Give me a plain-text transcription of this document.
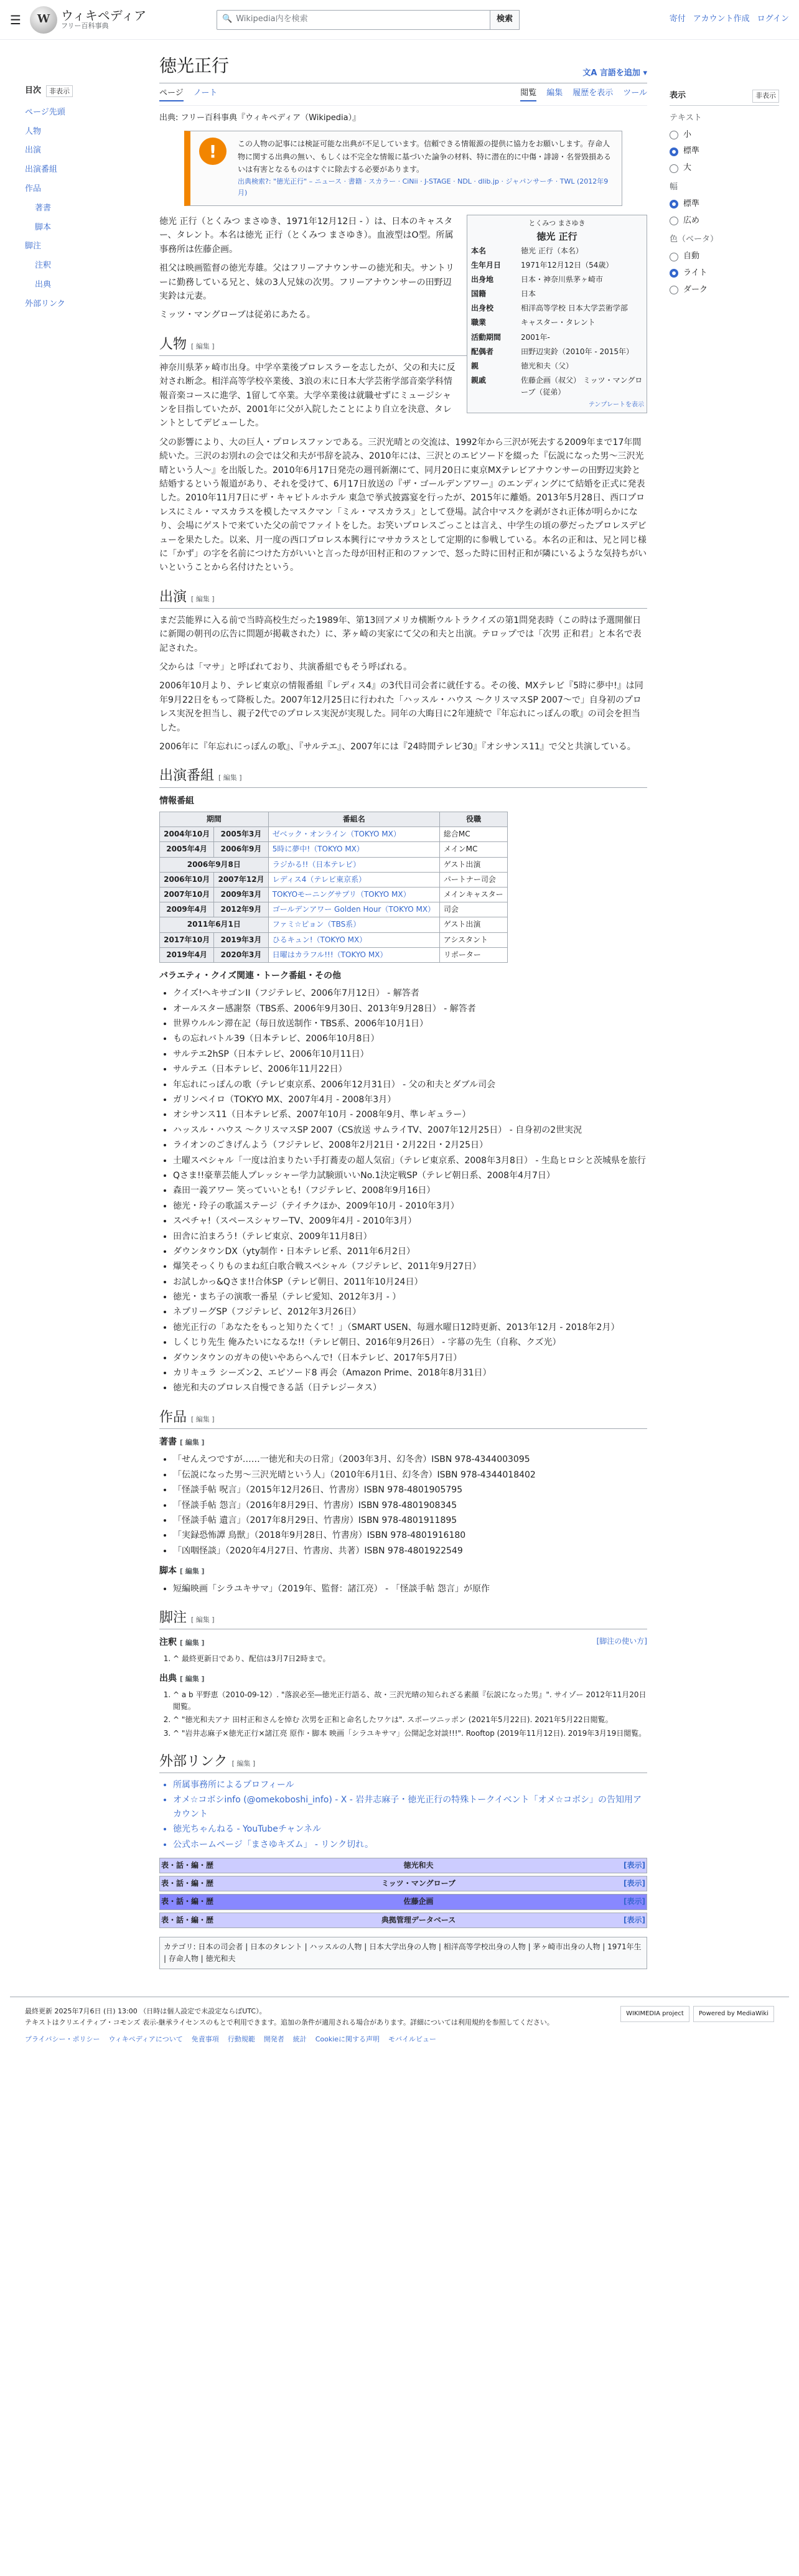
☰	W ウィキペディア
フリー百科事典
🔍 Wikipedia内を検索	検索	寄付 アカウント作成 ログイン
目次	非表示
ページ先頭
人物
出演
出演番組
作品
著書
脚本
脚注
注釈
出典
外部リンク
徳光正行	文A 言語を追加 ▾
ページ ノート	閲覧 編集 履歴を表示 ツール
出典: フリー百科事典『ウィキペディア（Wikipedia）』
!	この人物の記事には検証可能な出典が不足しています。信頼できる情報源の提供に協力をお願いします。存命人物に関する出典の無い、もしくは不完全な情報に基づいた論争の材料、特に潜在的に中傷・誹謗・名誉毀損あるいは有害となるものはすぐに除去する必要があります。
出典検索?: "徳光正行" – ニュース · 書籍 · スカラー · CiNii · J-STAGE · NDL · dlib.jp · ジャパンサーチ · TWL (2012年9月)
とくみつ まさゆき
徳光 正行
本名	徳光 正行（本名）
生年月日	1971年12月12日（54歳）
出身地	日本・神奈川県茅ヶ崎市
国籍	日本
出身校	相洋高等学校 日本大学芸術学部
職業	キャスター・タレント
活動期間	2001年-
配偶者	田野辺実鈴（2010年 - 2015年）
親	徳光和夫（父）
親戚	佐藤企画（叔父） ミッツ・マングローブ（従弟）
テンプレートを表示

徳光 正行（とくみつ まさゆき、1971年12月12日 - ）は、日本のキャスター、タレント。本名は徳光 正行（とくみつ まさゆき）。血液型はO型。所属事務所は佐藤企画。

祖父は映画監督の徳光寿雄。父はフリーアナウンサーの徳光和夫。サントリーに勤務している兄と、妹の3人兄妹の次男。フリーアナウンサーの田野辺実鈴は元妻。

ミッツ・マングローブは従弟にあたる。

人物 [ 編集 ]

神奈川県茅ヶ崎市出身。中学卒業後プロレスラーを志したが、父の和夫に反対され断念。相洋高等学校卒業後、3浪の末に日本大学芸術学部音楽学科情報音楽コースに進学、1留して卒業。大学卒業後は就職せずにミュージシャンを目指していたが、2001年に父が入院したことにより自立を決意、タレントとしてデビューした。

父の影響により、大の巨人・プロレスファンである。三沢光晴との交流は、1992年から三沢が死去する2009年まで17年間続いた。三沢のお別れの会では父和夫が弔辞を読み、2010年には、三沢とのエピソードを綴った『伝説になった男～三沢光晴という人～』を出版した。2010年6月17日発売の週刊新潮にて、同月20日に東京MXテレビアナウンサーの田野辺実鈴と結婚するという報道があり、それを受けて、6月17日放送の『ザ・ゴールデンアワー』のエンディングにて結婚を正式に発表した。2010年11月7日にザ・キャピトルホテル 東急で挙式披露宴を行ったが、2015年に離婚。2013年5月28日、西口プロレスにミル・マスカラスを模したマスクマン「ミル・マスカラス」として登場。試合中マスクを剥がされ正体が明らかになり、会場にゲストで来ていた父の前でファイトをした。お笑いプロレスごっことは言え、中学生の頃の夢だったプロレスデビューを果たした。以来、月一度の西口プロレス本興行にマサカラスとして定期的に参戦している。本名の正和は、兄と同じ様に「かず」の字を名前につけた方がいいと言った母が田村正和のファンで、怒った時に田村正和が隣にいるような気持ちがいいということから名付けたという。

出演 [ 編集 ]

まだ芸能界に入る前で当時高校生だった1989年、第13回アメリカ横断ウルトラクイズの第1問発表時（この時は予選開催日に新聞の朝刊の広告に問題が掲載された）に、茅ヶ崎の実家にて父の和夫と出演。テロップでは「次男 正和君」と本名で表記された。

父からは「マサ」と呼ばれており、共演番組でもそう呼ばれる。

2006年10月より、テレビ東京の情報番組『レディス4』の3代目司会者に就任する。その後、MXテレビ『5時に夢中!』は同年9月22日をもって降板した。2007年12月25日に行われた「ハッスル・ハウス ～クリスマスSP 2007～で」自身初のプロレス実況を担当し、親子2代でのプロレス実況が実現した。同年の大晦日に2年連続で『年忘れにっぽんの歌』の司会を担当した。

2006年に『年忘れにっぽんの歌』、『サルテエ』、2007年には『24時間テレビ30』『オシサンス11』で父と共演している。

出演番組 [ 編集 ]
情報番組
期間		番組名	役職
2004年10月	2005年3月	ゼベック・オンライン（TOKYO MX）	総合MC
2005年4月	2006年9月	5時に夢中!（TOKYO MX）	メインMC
2006年9月8日		ラジかる!!（日本テレビ）	ゲスト出演
2006年10月	2007年12月	レディス4（テレビ東京系）	パートナー司会
2007年10月	2009年3月	TOKYOモーニングサプリ（TOKYO MX）	メインキャスター
2009年4月	2012年9月	ゴールデンアワー Golden Hour（TOKYO MX）	司会
2011年6月1日		ファミ☆ピョン（TBS系）	ゲスト出演
2017年10月	2019年3月	ひるキュン!（TOKYO MX）	アシスタント
2019年4月	2020年3月	日曜はカラフル!!!（TOKYO MX）	リポーター
バラエティ・クイズ関連・トーク番組・その他
• クイズ!ヘキサゴンII（フジテレビ、2006年7月12日） - 解答者
• オールスター感謝祭（TBS系、2006年9月30日、2013年9月28日） - 解答者
• 世界ウルルン滞在記（毎日放送制作・TBS系、2006年10月1日）
• もの忘れバトル39（日本テレビ、2006年10月8日）
• サルテエ2hSP（日本テレビ、2006年10月11日）
• サルテエ（日本テレビ、2006年11月22日）
• 年忘れにっぽんの歌（テレビ東京系、2006年12月31日） - 父の和夫とダブル司会
• ガリンペイロ（TOKYO MX、2007年4月 - 2008年3月）
• オシサンス11（日本テレビ系、2007年10月 - 2008年9月、準レギュラー）
• ハッスル・ハウス ～クリスマスSP 2007（CS放送 サムライTV、2007年12月25日） - 自身初の2世実況
• ライオンのごきげんよう（フジテレビ、2008年2月21日・2月22日・2月25日）
• 土曜スペシャル「一度は泊まりたい手打蕎麦の超人気宿」（テレビ東京系、2008年3月8日） - 生島ヒロシと茨城県を旅行
• Qさま!!豪華芸能人プレッシャー学力試験頭いいNo.1決定戦SP（テレビ朝日系、2008年4月7日）
• 森田一義アワー 笑っていいとも!（フジテレビ、2008年9月16日）
• 徳光・玲子の歌謡ステージ（テイチクほか、2009年10月 - 2010年3月）
• スペチャ!（スペースシャワーTV、2009年4月 - 2010年3月）
• 田舎に泊まろう!（テレビ東京、2009年11月8日）
• ダウンタウンDX（yty制作・日本テレビ系、2011年6月2日）
• 爆笑そっくりものまね紅白歌合戦スペシャル（フジテレビ、2011年9月27日）
• お試しかっ&Qさま!!合体SP（テレビ朝日、2011年10月24日）
• 徳光・まち子の演歌一番星（テレビ愛知、2012年3月 - ）
• ネプリーグSP（フジテレビ、2012年3月26日）
• 徳光正行の「あなたをもっと知りたくて！」（SMART USEN、毎週水曜日12時更新、2013年12月 - 2018年2月）
• しくじり先生 俺みたいになるな!!（テレビ朝日、2016年9月26日） - 字幕の先生（自称、クズ光）
• ダウンタウンのガキの使いやあらへんで!（日本テレビ、2017年5月7日）
• カリキュラ シーズン2、エピソード8 再会（Amazon Prime、2018年8月31日）
• 徳光和夫のプロレス自慢できる話（日テレジータス）
作品 [ 編集 ]
著書 [ 編集 ]
• 「せんえつですが……一徳光和夫の日常」（2003年3月、幻冬舎）ISBN 978-4344003095
• 「伝説になった男～三沢光晴という人」（2010年6月1日、幻冬舎）ISBN 978-4344018402
• 「怪談手帖 呪言」（2015年12月26日、竹書房）ISBN 978-4801905795
• 「怪談手帖 怨言」（2016年8月29日、竹書房）ISBN 978-4801908345
• 「怪談手帖 遺言」（2017年8月29日、竹書房）ISBN 978-4801911895
• 「実録恐怖譚 鳥獣」（2018年9月28日、竹書房）ISBN 978-4801916180
• 「凶咽怪談」（2020年4月27日、竹書房、共著）ISBN 978-4801922549
脚本 [ 編集 ]
• 短編映画「シラユキサマ」（2019年、監督：諸江亮） - 「怪談手帖 怨言」が原作
脚注 [ 編集 ]
注釈 [ 編集 ]	[脚注の使い方]
1. ^ 最終更新日であり、配信は3月7日2時まで。
出典 [ 編集 ]
1. ^ a b 平野恵（2010-09-12）. "落涙必至―徳光正行語る、故・三沢光晴の知られざる素顔『伝説になった男』". サイゾー 2012年11月20日閲覧。
2. ^ "徳光和夫アナ 田村正和さんを悼む 次男を正和と命名したワケは". スポーツニッポン (2021年5月22日). 2021年5月22日閲覧。
3. ^ "岩井志麻子×徳光正行×諸江亮 原作・脚本 映画「シラユキサマ」公開記念対談!!!". Rooftop (2019年11月12日). 2019年3月19日閲覧。
外部リンク [ 編集 ]
• 所属事務所によるプロフィール
• オメ☆コボシinfo (@omekoboshi_info) - X - 岩井志麻子・徳光正行の特殊トークイベント「オメ☆コボシ」の告知用アカウント
• 徳光ちゃんねる - YouTubeチャンネル
• 公式ホームページ「まさゆキズム」 - リンク切れ。
表・話・編・歴	徳光和夫	[表示]
表・話・編・歴	ミッツ・マングローブ	[表示]
表・話・編・歴	佐藤企画	[表示]
表・話・編・歴	典拠管理データベース	[表示]
カテゴリ: 日本の司会者 | 日本のタレント | ハッスルの人物 | 日本大学出身の人物 | 相洋高等学校出身の人物 | 茅ヶ崎市出身の人物 | 1971年生 | 存命人物 | 徳光和夫
表示	非表示
テキスト
小
標準
大
幅
標準
広め
色（ベータ）
自動
ライト
ダーク
WIKIMEDIA project	Powered by MediaWiki
最終更新 2025年7月6日 (日) 13:00 （日時は個人設定で未設定ならばUTC）。
テキストはクリエイティブ・コモンズ 表示-継承ライセンスのもとで利用できます。追加の条件が適用される場合があります。詳細については利用規約を参照してください。
プライバシー・ポリシー ウィキペディアについて 免責事項 行動規範 開発者 統計 Cookieに関する声明 モバイルビュー
